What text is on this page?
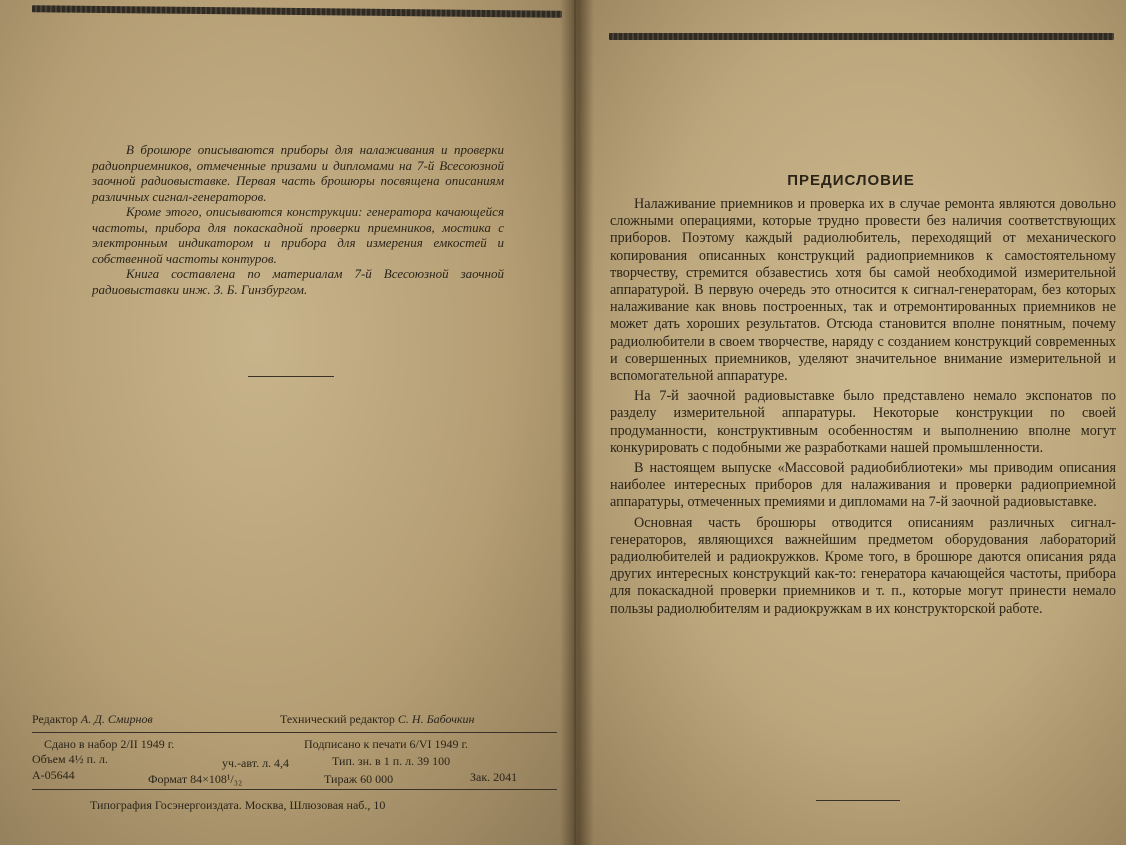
В брошюре описываются приборы для налаживания и проверки радиоприемников, отмеченные призами и дипломами на 7-й Всесоюзной заочной радиовыставке. Первая часть брошюры посвящена описаниям различных сигнал-генераторов.

Кроме этого, описываются конструкции: генератора качающейся частоты, прибора для покаскадной проверки приемников, мостика с электронным индикатором и прибора для измерения емкостей и собственной частоты контуров.

Книга составлена по материалам 7-й Всесоюзной заочной радиовыставки инж. З. Б. Гинзбургом.

Редактор А. Д. Смирнов	Технический редактор С. Н. Бабочкин
Сдано в набор 2/II 1949 г.	Подписано к печати 6/VI 1949 г.
Объем 4½ п. л.	уч.-авт. л. 4,4	Тип. зн. в 1 п. л. 39 100
А-05644	Формат 84×108¹/₃₂	Тираж 60 000	Зак. 2041
Типография Госэнергоиздата. Москва, Шлюзовая наб., 10
ПРЕДИСЛОВИЕ

Налаживание приемников и проверка их в случае ремонта являются довольно сложными операциями, которые трудно провести без наличия соответствующих приборов. Поэтому каждый радиолюбитель, переходящий от механического копирования описанных конструкций радиоприемников к самостоятельному творчеству, стремится обзавестись хотя бы самой необходимой измерительной аппаратурой. В первую очередь это относится к сигнал-генераторам, без которых налаживание как вновь построенных, так и отремонтированных приемников не может дать хороших результатов. Отсюда становится вполне понятным, почему радиолюбители в своем творчестве, наряду с созданием конструкций современных и совершенных приемников, уделяют значительное внимание измерительной и вспомогательной аппаратуре.

На 7-й заочной радиовыставке было представлено немало экспонатов по разделу измерительной аппаратуры. Некоторые конструкции по своей продуманности, конструктивным особенностям и выполнению вполне могут конкурировать с подобными же разработками нашей промышленности.

В настоящем выпуске «Массовой радиобиблиотеки» мы приводим описания наиболее интересных приборов для налаживания и проверки радиоприемной аппаратуры, отмеченных премиями и дипломами на 7-й заочной радиовыставке.

Основная часть брошюры отводится описаниям различных сигнал-генераторов, являющихся важнейшим предметом оборудования лабораторий радиолюбителей и радиокружков. Кроме того, в брошюре даются описания ряда других интересных конструкций как-то: генератора качающейся частоты, прибора для покаскадной проверки приемников и т. п., которые могут принести немало пользы радиолюбителям и радиокружкам в их конструкторской работе.
